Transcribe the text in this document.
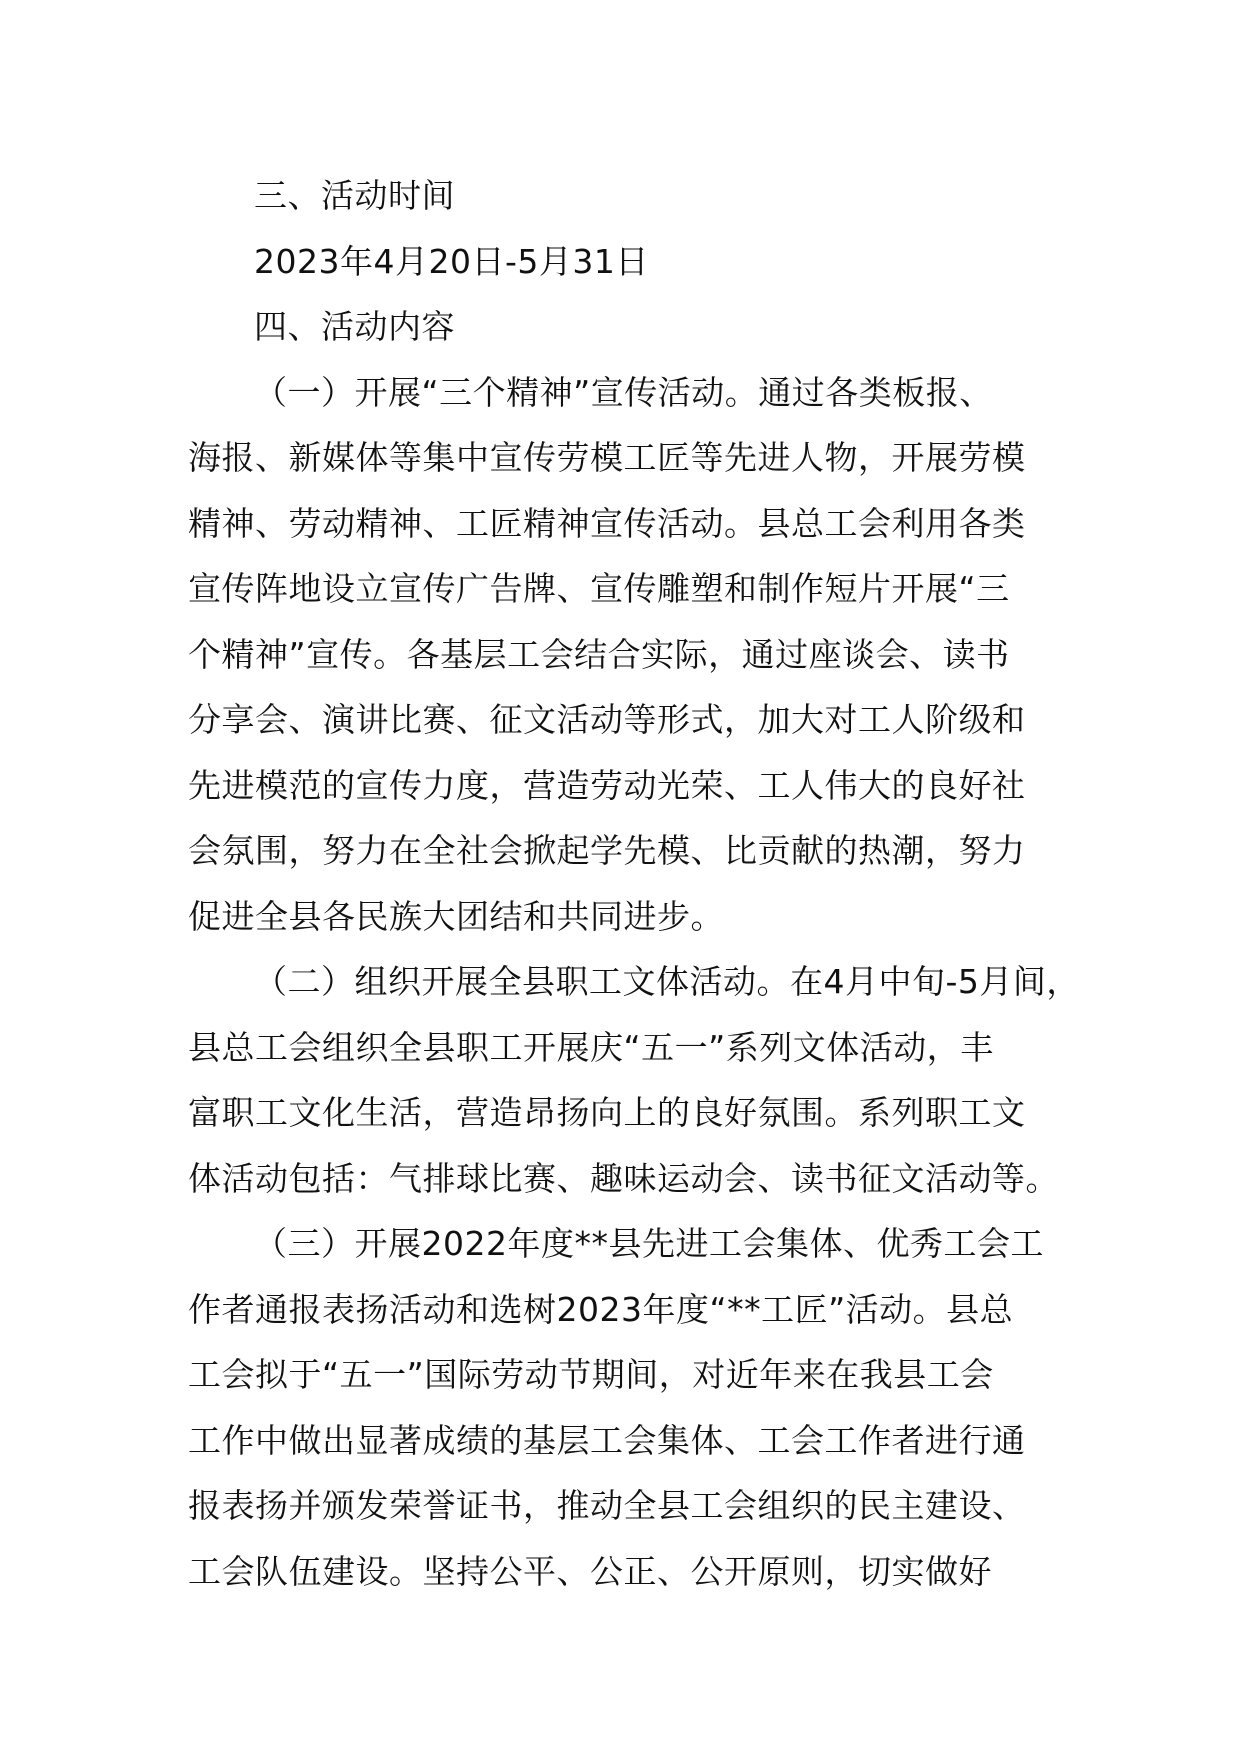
三、活动时间

2023年4月20日-5月31日

四、活动内容

（一）开展“三个精神”宣传活动。通过各类板报、

海报、新媒体等集中宣传劳模工匠等先进人物，开展劳模

精神、劳动精神、工匠精神宣传活动。县总工会利用各类

宣传阵地设立宣传广告牌、宣传雕塑和制作短片开展“三

个精神”宣传。各基层工会结合实际，通过座谈会、读书

分享会、演讲比赛、征文活动等形式，加大对工人阶级和

先进模范的宣传力度，营造劳动光荣、工人伟大的良好社

会氛围，努力在全社会掀起学先模、比贡献的热潮，努力

促进全县各民族大团结和共同进步。

（二）组织开展全县职工文体活动。在4月中旬-5月间，

县总工会组织全县职工开展庆“五一”系列文体活动，丰

富职工文化生活，营造昂扬向上的良好氛围。系列职工文

体活动包括：气排球比赛、趣味运动会、读书征文活动等。

（三）开展2022年度**县先进工会集体、优秀工会工

作者通报表扬活动和选树2023年度“**工匠”活动。县总

工会拟于“五一”国际劳动节期间，对近年来在我县工会

工作中做出显著成绩的基层工会集体、工会工作者进行通

报表扬并颁发荣誉证书，推动全县工会组织的民主建设、

工会队伍建设。坚持公平、公正、公开原则，切实做好
